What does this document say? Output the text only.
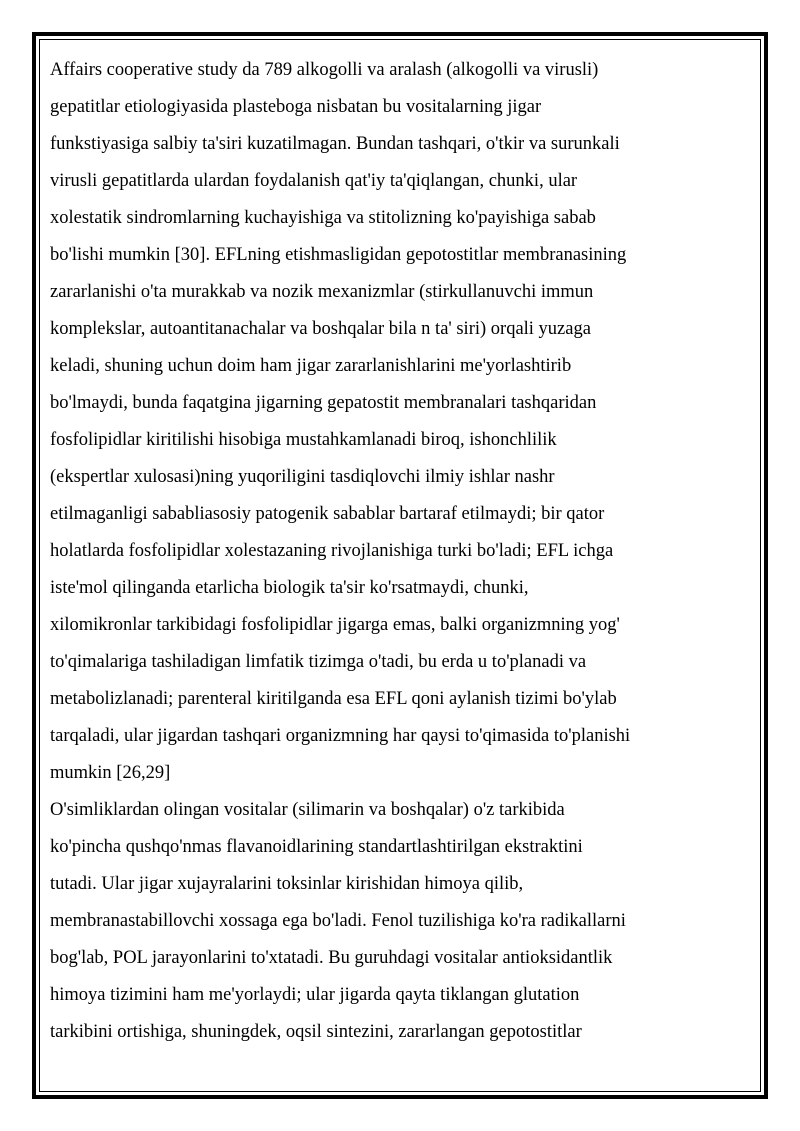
Affairs cooperative study da 789 alkogolli va aralash (alkogolli va virusli)
gepatitlar etiologiyasida plasteboga nisbatan bu vositalarning jigar
funkstiyasiga salbiy ta'siri kuzatilmagan. Bundan tashqari, o'tkir va surunkali
virusli gepatitlarda ulardan foydalanish qat'iy ta'qiqlangan, chunki, ular
xolestatik sindromlarning kuchayishiga va stitolizning ko'payishiga sabab
bo'lishi mumkin [30]. EFLning etishmasligidan gepotostitlar membranasining
zararlanishi o'ta murakkab va nozik mexanizmlar (stirkullanuvchi immun
komplekslar, autoantitanachalar va boshqalar bila n ta' siri) orqali yuzaga
keladi, shuning uchun doim ham jigar zararlanishlarini me'yorlashtirib
bo'lmaydi, bunda faqatgina jigarning gepatostit membranalari tashqaridan
fosfolipidlar kiritilishi hisobiga mustahkamlanadi biroq, ishonchlilik
(ekspertlar xulosasi)ning yuqoriligini tasdiqlovchi ilmiy ishlar nashr
etilmaganligi sababliasosiy patogenik sabablar bartaraf etilmaydi; bir qator
holatlarda fosfolipidlar xolestazaning rivojlanishiga turki bo'ladi; EFL ichga
iste'mol qilinganda etarlicha biologik ta'sir ko'rsatmaydi, chunki,
xilomikronlar tarkibidagi fosfolipidlar jigarga emas, balki organizmning yog'
to'qimalariga tashiladigan limfatik tizimga o'tadi, bu erda u to'planadi va
metabolizlanadi; parenteral kiritilganda esa EFL qoni aylanish tizimi bo'ylab
tarqaladi, ular jigardan tashqari organizmning har qaysi to'qimasida to'planishi
mumkin [26,29]

O'simliklardan olingan vositalar (silimarin va boshqalar) o'z tarkibida
ko'pincha qushqo'nmas flavanoidlarining standartlashtirilgan ekstraktini
tutadi. Ular jigar xujayralarini toksinlar kirishidan himoya qilib,
membranastabillovchi xossaga ega bo'ladi. Fenol tuzilishiga ko'ra radikallarni
bog'lab, POL jarayonlarini to'xtatadi. Bu guruhdagi vositalar antioksidantlik
himoya tizimini ham me'yorlaydi; ular jigarda qayta tiklangan glutation
tarkibini ortishiga, shuningdek, oqsil sintezini, zararlangan gepotostitlar
